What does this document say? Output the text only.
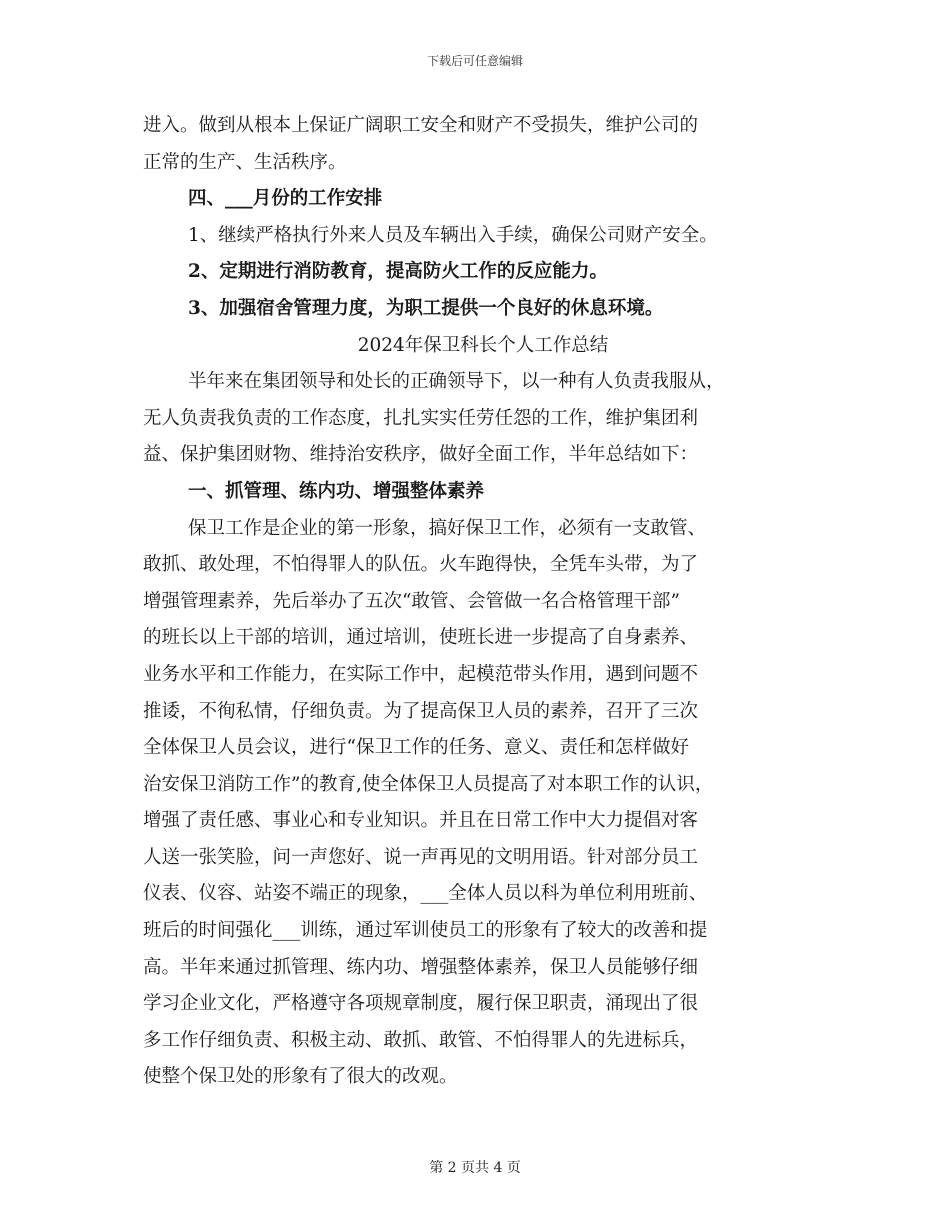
下载后可任意编辑

进入。做到从根本上保证广阔职工安全和财产不受损失，维护公司的

正常的生产、生活秩序。

四、___月份的工作安排

1、继续严格执行外来人员及车辆出入手续，确保公司财产安全。

2、定期进行消防教育，提高防火工作的反应能力。

3、加强宿舍管理力度，为职工提供一个良好的休息环境。

2024年保卫科长个人工作总结

半年来在集团领导和处长的正确领导下，以一种有人负责我服从，

无人负责我负责的工作态度，扎扎实实任劳任怨的工作，维护集团利

益、保护集团财物、维持治安秩序，做好全面工作，半年总结如下：

一、抓管理、练内功、增强整体素养

保卫工作是企业的第一形象，搞好保卫工作，必须有一支敢管、

敢抓、敢处理，不怕得罪人的队伍。火车跑得快，全凭车头带，为了

增强管理素养，先后举办了五次“敢管、会管做一名合格管理干部”

的班长以上干部的培训，通过培训，使班长进一步提高了自身素养、

业务水平和工作能力，在实际工作中，起模范带头作用，遇到问题不

推诿，不徇私情，仔细负责。为了提高保卫人员的素养，召开了三次

全体保卫人员会议，进行“保卫工作的任务、意义、责任和怎样做好

治安保卫消防工作”的教育,使全体保卫人员提高了对本职工作的认识，

增强了责任感、事业心和专业知识。并且在日常工作中大力提倡对客

人送一张笑脸，问一声您好、说一声再见的文明用语。针对部分员工

仪表、仪容、站姿不端正的现象，___全体人员以科为单位利用班前、

班后的时间强化___训练，通过军训使员工的形象有了较大的改善和提

高。半年来通过抓管理、练内功、增强整体素养，保卫人员能够仔细

学习企业文化，严格遵守各项规章制度，履行保卫职责，涌现出了很

多工作仔细负责、积极主动、敢抓、敢管、不怕得罪人的先进标兵，

使整个保卫处的形象有了很大的改观。

第 2 页共 4 页
